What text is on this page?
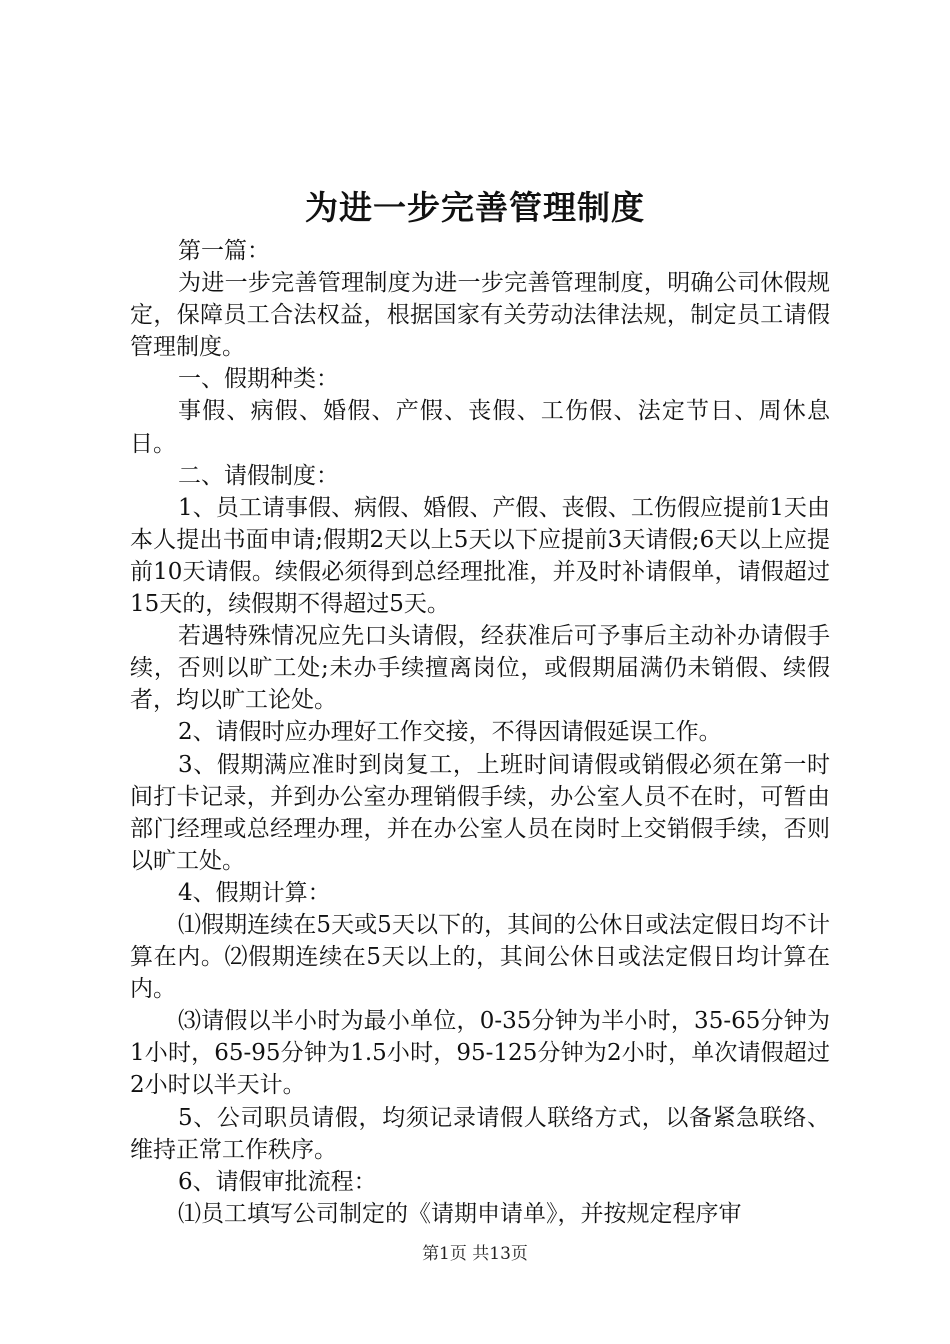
为进一步完善管理制度

第一篇：

为进一步完善管理制度为进一步完善管理制度，明确公司休假规定，保障员工合法权益，根据国家有关劳动法律法规，制定员工请假管理制度。

一、假期种类：

事假、病假、婚假、产假、丧假、工伤假、法定节日、周休息日。

二、请假制度：

1、员工请事假、病假、婚假、产假、丧假、工伤假应提前1天由本人提出书面申请;假期2天以上5天以下应提前3天请假;6天以上应提前10天请假。续假必须得到总经理批准，并及时补请假单，请假超过15天的，续假期不得超过5天。

若遇特殊情况应先口头请假，经获准后可予事后主动补办请假手续，否则以旷工处;未办手续擅离岗位，或假期届满仍未销假、续假者，均以旷工论处。

2、请假时应办理好工作交接，不得因请假延误工作。

3、假期满应准时到岗复工，上班时间请假或销假必须在第一时间打卡记录，并到办公室办理销假手续，办公室人员不在时，可暂由部门经理或总经理办理，并在办公室人员在岗时上交销假手续，否则以旷工处。

4、假期计算：

⑴假期连续在5天或5天以下的，其间的公休日或法定假日均不计算在内。⑵假期连续在5天以上的，其间公休日或法定假日均计算在内。

⑶请假以半小时为最小单位，0-35分钟为半小时，35-65分钟为1小时，65-95分钟为1.5小时，95-125分钟为2小时，单次请假超过2小时以半天计。

5、公司职员请假，均须记录请假人联络方式，以备紧急联络、维持正常工作秩序。

6、请假审批流程：

⑴员工填写公司制定的《请期申请单》，并按规定程序审

第1页 共13页
